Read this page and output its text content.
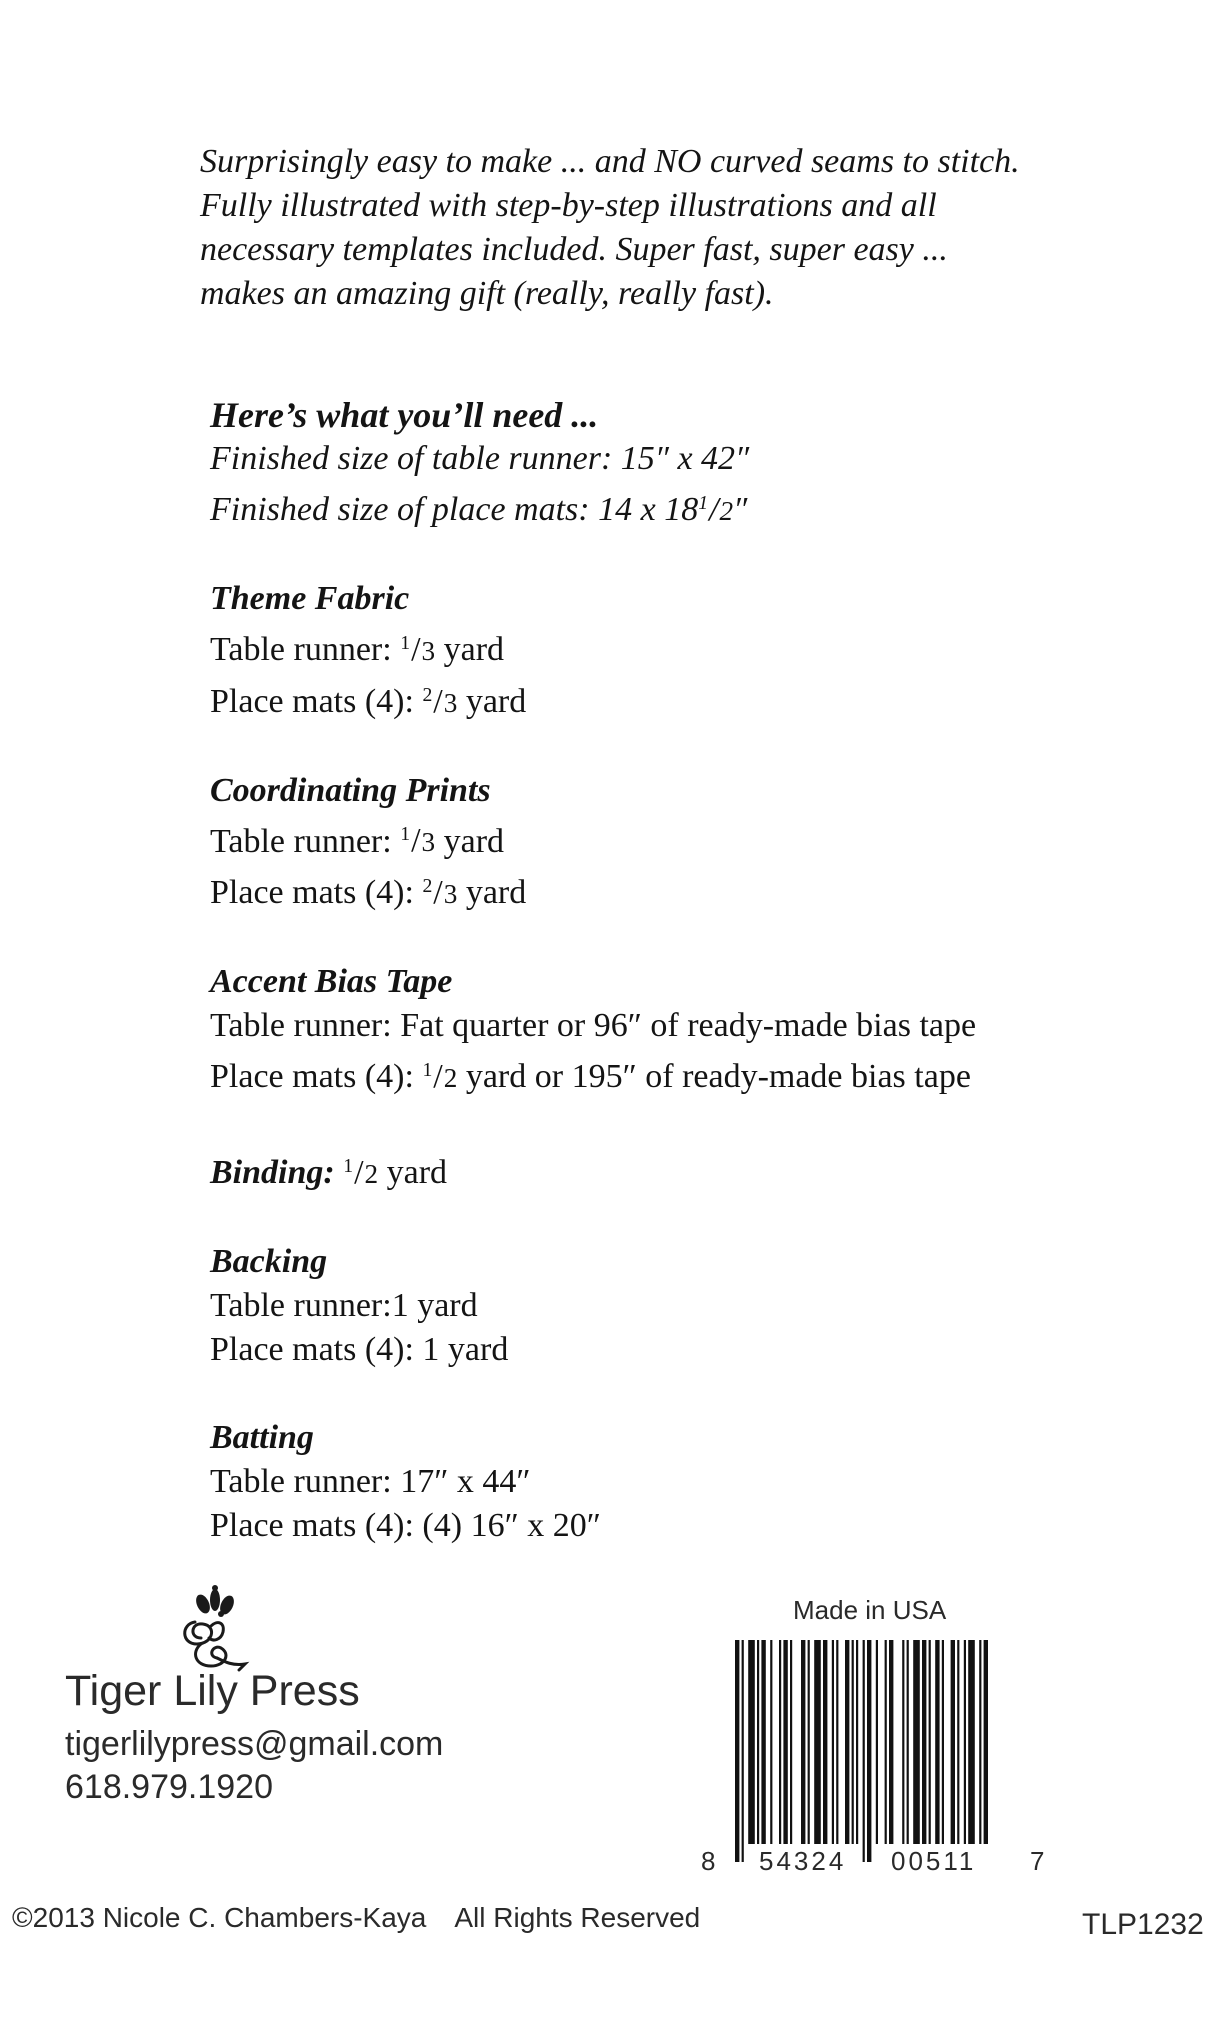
Surprisingly easy to make ... and NO curved seams to stitch.
Fully illustrated with step-by-step illustrations and all
necessary templates included. Super fast, super easy ...
makes an amazing gift (really, really fast).
Here’s what you’ll need ...
Finished size of table runner: 15″ x 42″
Finished size of place mats: 14 x $18^1/2''$
Theme Fabric
Table runner: $^1$/3 yard
Place mats (4): $^2$/3 yard
Coordinating Prints
Table runner: $^1$/3 yard
Place mats (4): $^2$/3 yard
Accent Bias Tape
Table runner: Fat quarter or 96″ of ready-made bias tape
Place mats (4): $^1$/2 yard or 195″ of ready-made bias tape
Binding: $^1$/2 yard
Backing
Table runner:1 yard
Place mats (4): 1 yard
Batting
Table runner: 17″ x 44″
Place mats (4): (4) 16″ x 20″
Tiger Lily Press
tigerlilypress@gmail.com
618.979.1920
Made in USA
8 54324 00511 7
©2013 Nicole C. Chambers-Kaya All Rights Reserved	TLP1232
